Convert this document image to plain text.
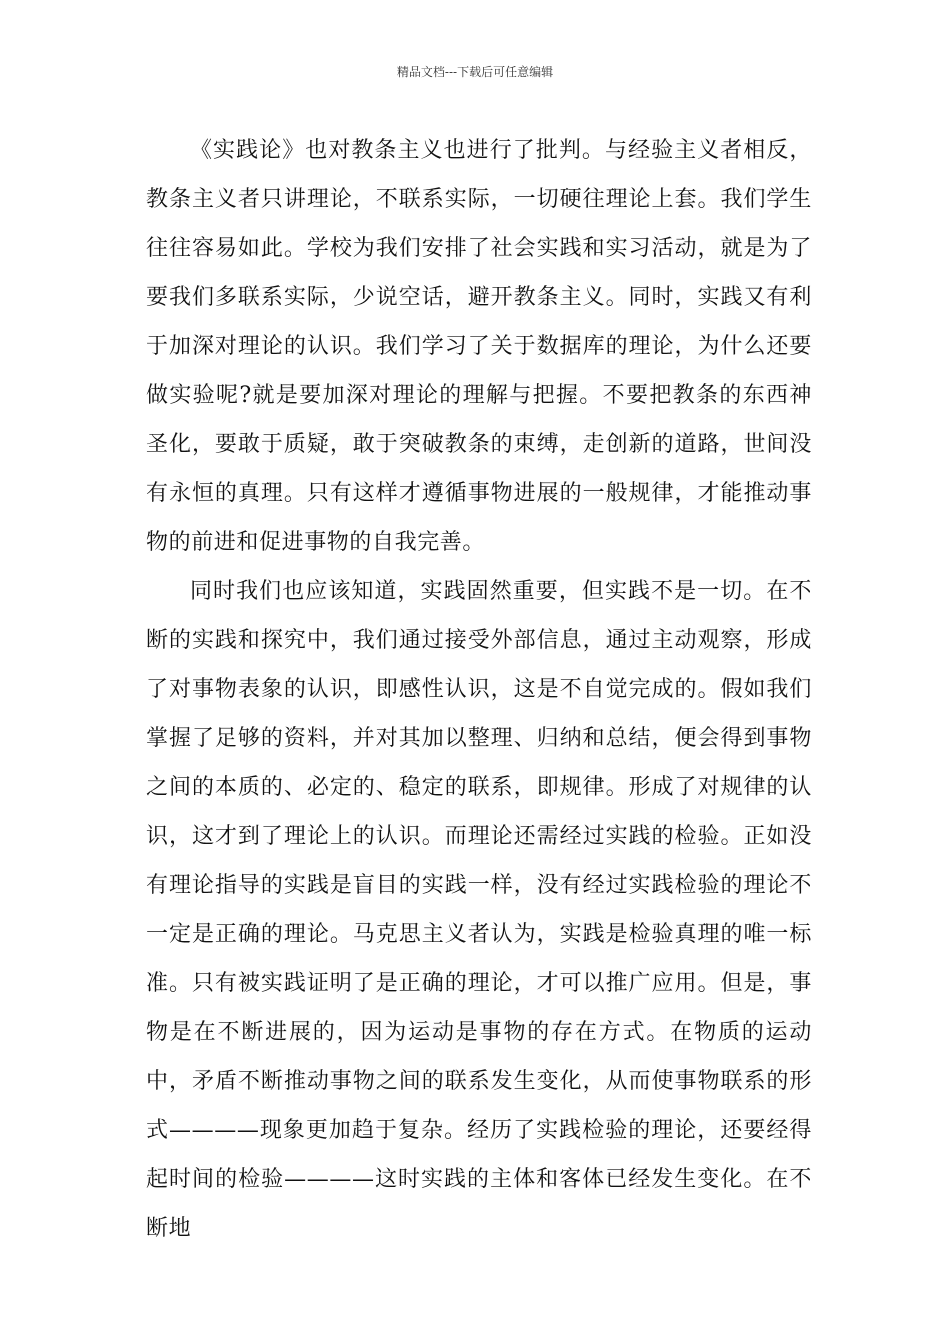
精品文档---下载后可任意编辑

《实践论》也对教条主义也进行了批判。与经验主义者相反，教条主义者只讲理论，不联系实际，一切硬往理论上套。我们学生往往容易如此。学校为我们安排了社会实践和实习活动，就是为了要我们多联系实际，少说空话，避开教条主义。同时，实践又有利于加深对理论的认识。我们学习了关于数据库的理论，为什么还要做实验呢?就是要加深对理论的理解与把握。不要把教条的东西神圣化，要敢于质疑，敢于突破教条的束缚，走创新的道路，世间没有永恒的真理。只有这样才遵循事物进展的一般规律，才能推动事物的前进和促进事物的自我完善。

同时我们也应该知道，实践固然重要，但实践不是一切。在不断的实践和探究中，我们通过接受外部信息，通过主动观察，形成了对事物表象的认识，即感性认识，这是不自觉完成的。假如我们掌握了足够的资料，并对其加以整理、归纳和总结，便会得到事物之间的本质的、必定的、稳定的联系，即规律。形成了对规律的认识，这才到了理论上的认识。而理论还需经过实践的检验。正如没有理论指导的实践是盲目的实践一样，没有经过实践检验的理论不一定是正确的理论。马克思主义者认为，实践是检验真理的唯一标准。只有被实践证明了是正确的理论，才可以推广应用。但是，事物是在不断进展的，因为运动是事物的存在方式。在物质的运动中，矛盾不断推动事物之间的联系发生变化，从而使事物联系的形式————现象更加趋于复杂。经历了实践检验的理论，还要经得起时间的检验————这时实践的主体和客体已经发生变化。在不断地
